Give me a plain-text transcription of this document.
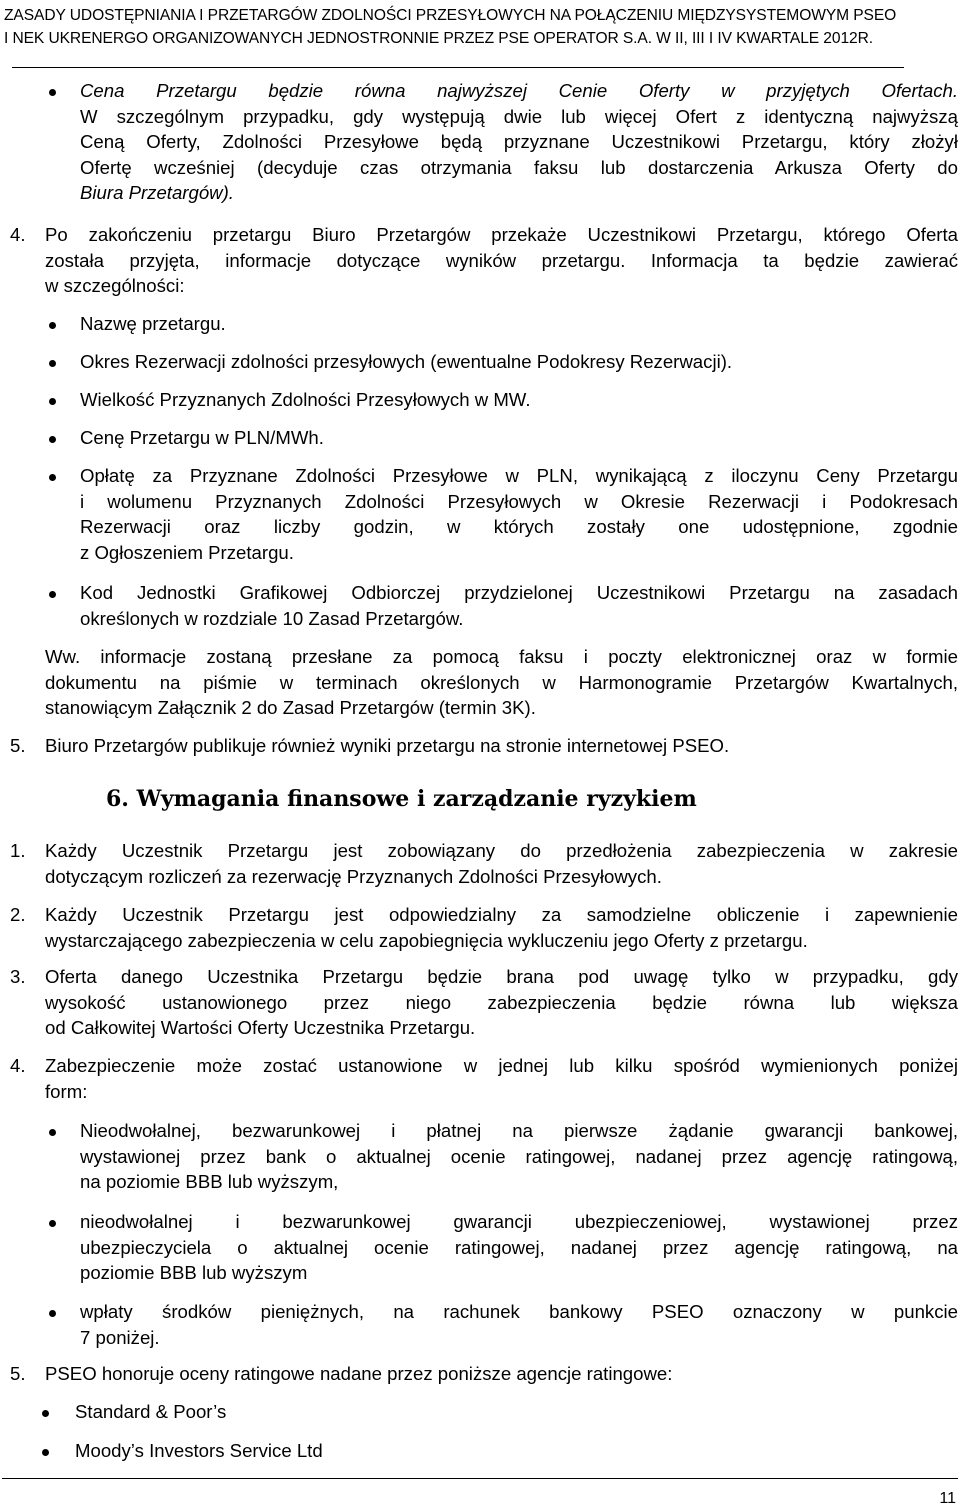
ZASADY UDOSTĘPNIANIA I PRZETARGÓW ZDOLNOŚCI PRZESYŁOWYCH NA POŁĄCZENIU MIĘDZYSYSTEMOWYM PSEO
I NEK UKRENERGO ORGANIZOWANYCH JEDNOSTRONNIE PRZEZ PSE OPERATOR S.A. W II, III I IV KWARTALE 2012R.
Cena Przetargu będzie równa najwyższej Cenie Oferty w przyjętych Ofertach.
W szczególnym przypadku, gdy występują dwie lub więcej Ofert z identyczną najwyższą
Ceną Oferty, Zdolności Przesyłowe będą przyznane Uczestnikowi Przetargu, który złożył
Ofertę wcześniej (decyduje czas otrzymania faksu lub dostarczenia Arkusza Oferty do
Biura Przetargów).
4. Po zakończeniu przetargu Biuro Przetargów przekaże Uczestnikowi Przetargu, którego Oferta
została przyjęta, informacje dotyczące wyników przetargu. Informacja ta będzie zawierać
w szczególności:
Nazwę przetargu.
Okres Rezerwacji zdolności przesyłowych (ewentualne Podokresy Rezerwacji).
Wielkość Przyznanych Zdolności Przesyłowych w MW.
Cenę Przetargu w PLN/MWh.
Opłatę za Przyznane Zdolności Przesyłowe w PLN, wynikającą z iloczynu Ceny Przetargu
i wolumenu Przyznanych Zdolności Przesyłowych w Okresie Rezerwacji i Podokresach
Rezerwacji oraz liczby godzin, w których zostały one udostępnione, zgodnie
z Ogłoszeniem Przetargu.
Kod Jednostki Grafikowej Odbiorczej przydzielonej Uczestnikowi Przetargu na zasadach
określonych w rozdziale 10 Zasad Przetargów.
Ww. informacje zostaną przesłane za pomocą faksu i poczty elektronicznej oraz w formie
dokumentu na piśmie w terminach określonych w Harmonogramie Przetargów Kwartalnych,
stanowiącym Załącznik 2 do Zasad Przetargów (termin 3K).
5. Biuro Przetargów publikuje również wyniki przetargu na stronie internetowej PSEO.
6. Wymagania finansowe i zarządzanie ryzykiem
1. Każdy Uczestnik Przetargu jest zobowiązany do przedłożenia zabezpieczenia w zakresie
dotyczącym rozliczeń za rezerwację Przyznanych Zdolności Przesyłowych.
2. Każdy Uczestnik Przetargu jest odpowiedzialny za samodzielne obliczenie i zapewnienie
wystarczającego zabezpieczenia w celu zapobiegnięcia wykluczeniu jego Oferty z przetargu.
3. Oferta danego Uczestnika Przetargu będzie brana pod uwagę tylko w przypadku, gdy
wysokość ustanowionego przez niego zabezpieczenia będzie równa lub większa
od Całkowitej Wartości Oferty Uczestnika Przetargu.
4. Zabezpieczenie może zostać ustanowione w jednej lub kilku spośród wymienionych poniżej
form:
Nieodwołalnej, bezwarunkowej i płatnej na pierwsze żądanie gwarancji bankowej,
wystawionej przez bank o aktualnej ocenie ratingowej, nadanej przez agencję ratingową,
na poziomie BBB lub wyższym,
nieodwołalnej i bezwarunkowej gwarancji ubezpieczeniowej, wystawionej przez
ubezpieczyciela o aktualnej ocenie ratingowej, nadanej przez agencję ratingową, na
poziomie BBB lub wyższym
wpłaty środków pieniężnych, na rachunek bankowy PSEO oznaczony w punkcie
7 poniżej.
5. PSEO honoruje oceny ratingowe nadane przez poniższe agencje ratingowe:
Standard & Poor’s
Moody’s Investors Service Ltd
11
